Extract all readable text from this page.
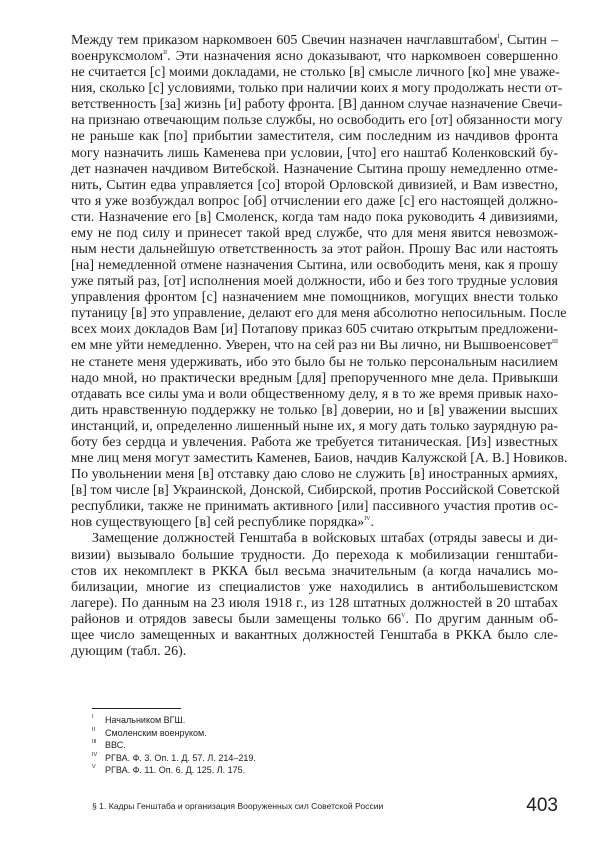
Между тем приказом наркомвоен 605 Свечин назначен начглавштабом$^I$, Сытин –
военруксмолом$^{II}$. Эти назначения ясно доказывают, что наркомвоен совершенно
не считается [с] моими докладами, не столько [в] смысле личного [ко] мне уваже-
ния, сколько [с] условиями, только при наличии коих я могу продолжать нести от-
ветственность [за] жизнь [и] работу фронта. [В] данном случае назначение Свечи-
на признаю отвечающим пользе службы, но освободить его [от] обязанности могу
не раньше как [по] прибытии заместителя, сим последним из начдивов фронта
могу назначить лишь Каменева при условии, [что] его наштаб Коленковский бу-
дет назначен начдивом Витебской. Назначение Сытина прошу немедленно отме-
нить, Сытин едва управляется [со] второй Орловской дивизией, и Вам известно,
что я уже возбуждал вопрос [об] отчислении его даже [с] его настоящей должно-
сти. Назначение его [в] Смоленск, когда там надо пока руководить 4 дивизиями,
ему не под силу и принесет такой вред службе, что для меня явится невозмож-
ным нести дальнейшую ответственность за этот район. Прошу Вас или настоять
[на] немедленной отмене назначения Сытина, или освободить меня, как я прошу
уже пятый раз, [от] исполнения моей должности, ибо и без того трудные условия
управления фронтом [с] назначением мне помощников, могущих внести только
путаницу [в] это управление, делают его для меня абсолютно непосильным. После
всех моих докладов Вам [и] Потапову приказ 605 считаю открытым предложени-
ем мне уйти немедленно. Уверен, что на сей раз ни Вы лично, ни Вышвоенсовет$^{III}$
не станете меня удерживать, ибо это было бы не только персональным насилием
надо мной, но практически вредным [для] препорученного мне дела. Привыкши
отдавать все силы ума и воли общественному делу, я в то же время привык нахо-
дить нравственную поддержку не только [в] доверии, но и [в] уважении высших
инстанций, и, определенно лишенный ныне их, я могу дать только заурядную ра-
боту без сердца и увлечения. Работа же требуется титаническая. [Из] известных
мне лиц меня могут заместить Каменев, Баиов, начдив Калужской [А. В.] Новиков.
По увольнении меня [в] отставку даю слово не служить [в] иностранных армиях,
[в] том числе [в] Украинской, Донской, Сибирской, против Российской Советской
республики, также не принимать активного [или] пассивного участия против ос-
нов существующего [в] сей республике порядка»$^{IV}$.
Замещение должностей Генштаба в войсковых штабах (отряды завесы и ди-
визии) вызывало большие трудности. До перехода к мобилизации генштаби-
стов их некомплект в РККА был весьма значительным (а когда начались мо-
билизации, многие из специалистов уже находились в антибольшевистском
лагере). По данным на 23 июля 1918 г., из 128 штатных должностей в 20 штабах
районов и отрядов завесы были замещены только $66^V$. По другим данным об-
щее число замещенных и вакантных должностей Генштаба в РККА было сле-
дующим (табл. 26).
I Начальником ВГШ.
II Смоленским военруком.
III ВВС.
IV РГВА. Ф. 3. Оп. 1. Д. 57. Л. 214–219.
V РГВА. Ф. 11. Оп. 6. Д. 125. Л. 175.
§ 1. Кадры Генштаба и организация Вооруженных сил Советской России	403
